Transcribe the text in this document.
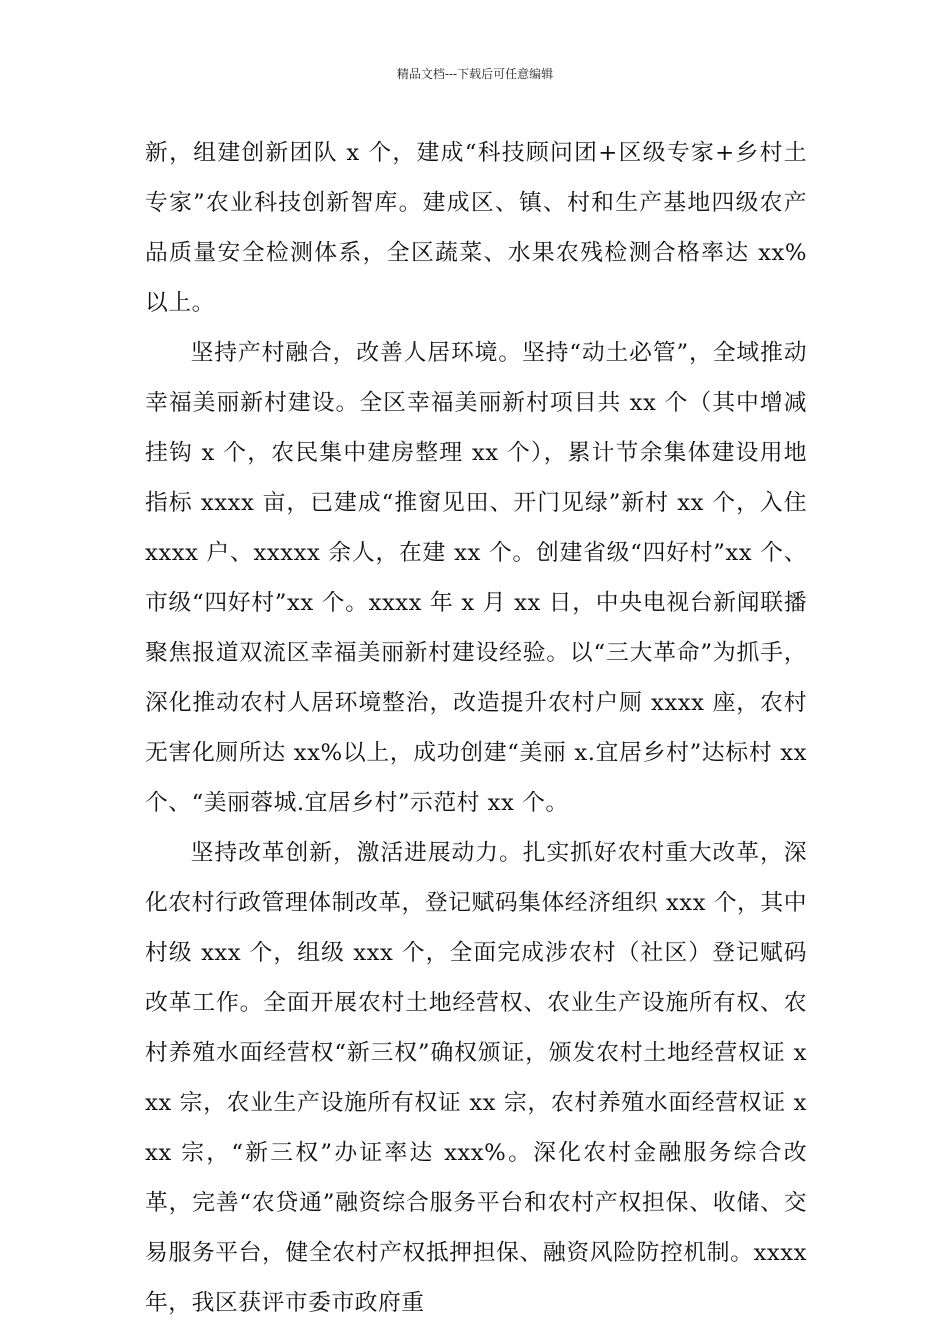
精品文档---下载后可任意编辑

新，组建创新团队 x 个，建成“科技顾问团+区级专家+乡村土专家”农业科技创新智库。建成区、镇、村和生产基地四级农产品质量安全检测体系，全区蔬菜、水果农残检测合格率达 xx%以上。

坚持产村融合，改善人居环境。坚持“动土必管”，全域推动幸福美丽新村建设。全区幸福美丽新村项目共 xx 个（其中增减挂钩 x 个，农民集中建房整理 xx 个），累计节余集体建设用地指标 xxxx 亩，已建成“推窗见田、开门见绿”新村 xx 个，入住 xxxx 户、xxxxx 余人，在建 xx 个。创建省级“四好村”xx 个、市级“四好村”xx 个。xxxx 年 x 月 xx 日，中央电视台新闻联播聚焦报道双流区幸福美丽新村建设经验。以“三大革命”为抓手，深化推动农村人居环境整治，改造提升农村户厕 xxxx 座，农村无害化厕所达 xx%以上，成功创建“美丽 x.宜居乡村”达标村 xx 个、“美丽蓉城.宜居乡村”示范村 xx 个。

坚持改革创新，激活进展动力。扎实抓好农村重大改革，深化农村行政管理体制改革，登记赋码集体经济组织 xxx 个，其中村级 xxx 个，组级 xxx 个，全面完成涉农村（社区）登记赋码改革工作。全面开展农村土地经营权、农业生产设施所有权、农村养殖水面经营权“新三权”确权颁证，颁发农村土地经营权证 xxx 宗，农业生产设施所有权证 xx 宗，农村养殖水面经营权证 xxx 宗，“新三权”办证率达 xxx%。深化农村金融服务综合改革，完善“农贷通”融资综合服务平台和农村产权担保、收储、交易服务平台，健全农村产权抵押担保、融资风险防控机制。xxxx 年，我区获评市委市政府重
